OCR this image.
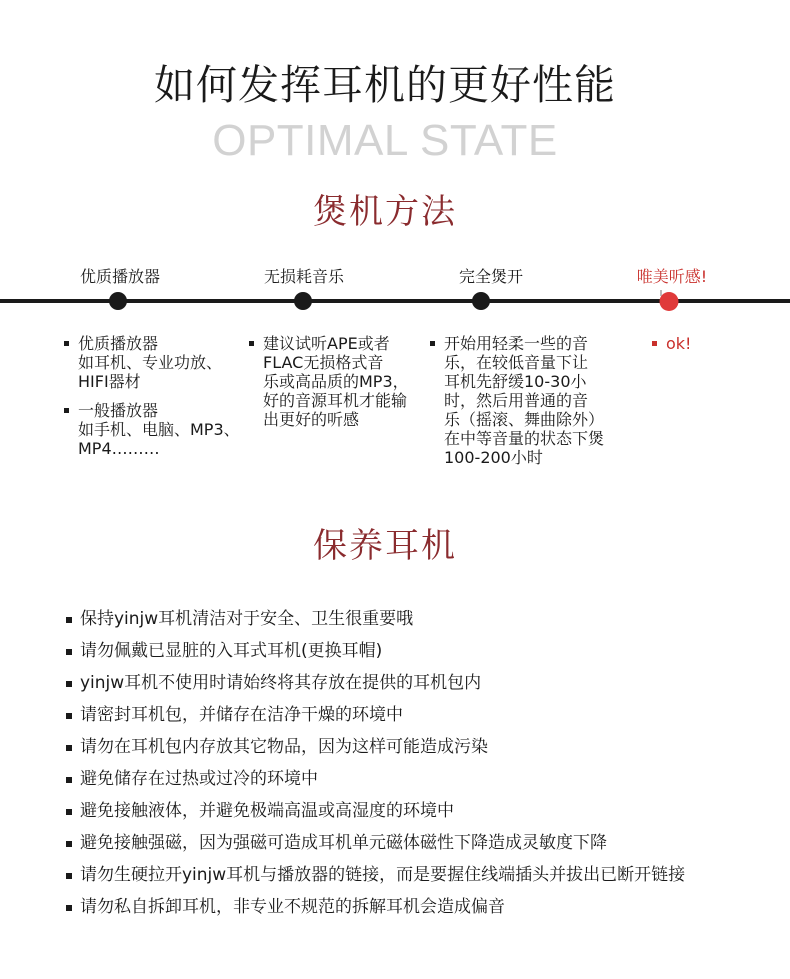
如何发挥耳机的更好性能
OPTIMAL STATE
煲机方法
优质播放器	无损耗音乐	完全煲开	唯美听感!
优质播放器
如耳机、专业功放、
HIFI器材
一般播放器
如手机、电脑、MP3、
MP4………
建议试听APE或者
FLAC无损格式音
乐或高品质的MP3，
好的音源耳机才能输
出更好的听感
开始用轻柔一些的音
乐，在较低音量下让
耳机先舒缓10-30小
时，然后用普通的音
乐（摇滚、舞曲除外）
在中等音量的状态下煲
100-200小时
ok!
保养耳机
保持yinjw耳机清洁对于安全、卫生很重要哦
请勿佩戴已显脏的入耳式耳机(更换耳帽)
yinjw耳机不使用时请始终将其存放在提供的耳机包内
请密封耳机包，并储存在洁净干燥的环境中
请勿在耳机包内存放其它物品，因为这样可能造成污染
避免储存在过热或过冷的环境中
避免接触液体，并避免极端高温或高湿度的环境中
避免接触强磁，因为强磁可造成耳机单元磁体磁性下降造成灵敏度下降
请勿生硬拉开yinjw耳机与播放器的链接，而是要握住线端插头并拔出已断开链接
请勿私自拆卸耳机，非专业不规范的拆解耳机会造成偏音
